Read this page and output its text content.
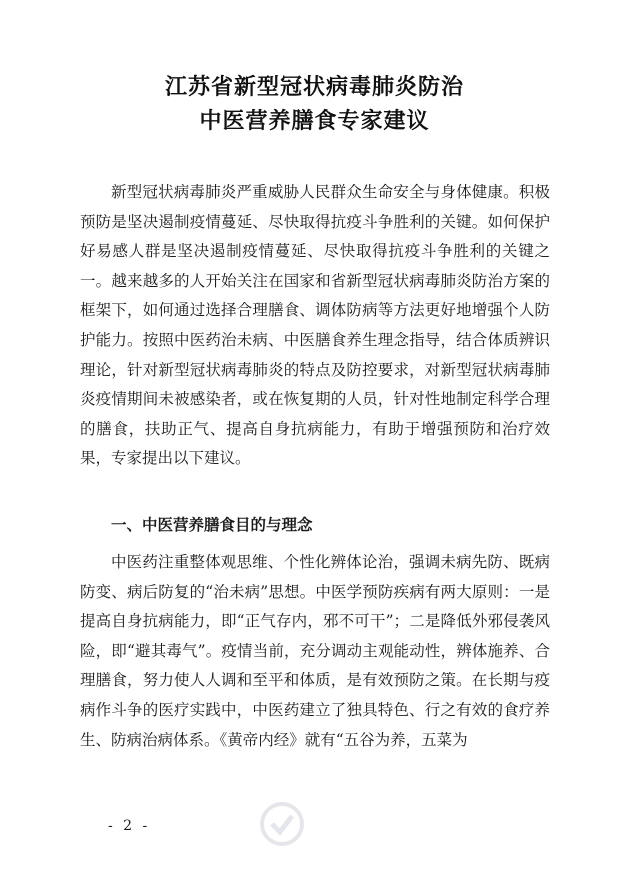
江苏省新型冠状病毒肺炎防治
中医营养膳食专家建议

新型冠状病毒肺炎严重威胁人民群众生命安全与身体健康。积极预防是坚决遏制疫情蔓延、尽快取得抗疫斗争胜利的关键。如何保护好易感人群是坚决遏制疫情蔓延、尽快取得抗疫斗争胜利的关键之一。越来越多的人开始关注在国家和省新型冠状病毒肺炎防治方案的框架下，如何通过选择合理膳食、调体防病等方法更好地增强个人防护能力。按照中医药治未病、中医膳食养生理念指导，结合体质辨识理论，针对新型冠状病毒肺炎的特点及防控要求，对新型冠状病毒肺炎疫情期间未被感染者，或在恢复期的人员，针对性地制定科学合理的膳食，扶助正气、提高自身抗病能力，有助于增强预防和治疗效果，专家提出以下建议。

一、中医营养膳食目的与理念

中医药注重整体观思维、个性化辨体论治，强调未病先防、既病防变、病后防复的“治未病”思想。中医学预防疾病有两大原则：一是提高自身抗病能力，即“正气存内，邪不可干”；二是降低外邪侵袭风险，即“避其毒气”。疫情当前，充分调动主观能动性，辨体施养、合理膳食，努力使人人调和至平和体质，是有效预防之策。在长期与疫病作斗争的医疗实践中，中医药建立了独具特色、行之有效的食疗养生、防病治病体系。《黄帝内经》就有“五谷为养，五菜为

- 2 -
